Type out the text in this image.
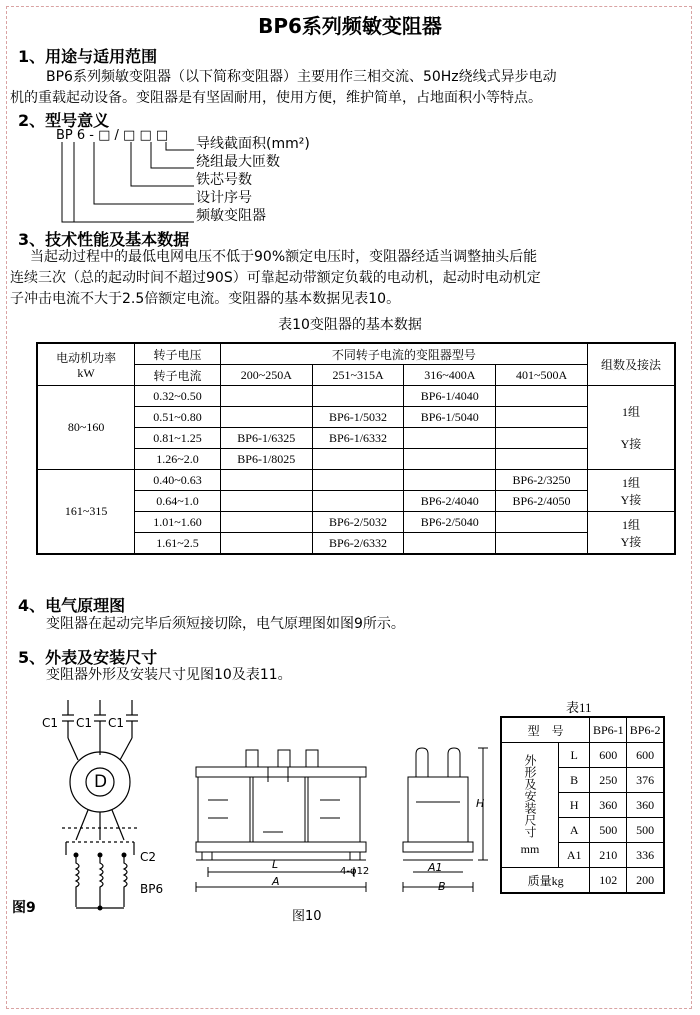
BP6系列频敏变阻器
1、用途与适用范围
BP6系列频敏变阻器（以下简称变阻器）主要用作三相交流、50Hz绕线式异步电动
机的重载起动设备。变阻器是有坚固耐用，使用方便，维护简单，占地面积小等特点。
2、型号意义
BP 6 - □ / □ □ □
导线截面积(mm²)
绕组最大匝数
铁芯号数
设计序号
频敏变阻器
3、技术性能及基本数据
当起动过程中的最低电网电压不低于90%额定电压时，变阻器经适当调整抽头后能
连续三次（总的起动时间不超过90S）可靠起动带额定负载的电动机，起动时电动机定
子冲击电流不大于2.5倍额定电流。变阻器的基本数据见表10。
表10变阻器的基本数据
电动机功率
kW	转子电压	不同转子电流的变阻器型号				组数及接法
	转子电流	200~250A	251~315A	316~400A	401~500A	
80~160	0.32~0.50			BP6-1/4040		1组

Y接
	0.51~0.80		BP6-1/5032	BP6-1/5040		
	0.81~1.25	BP6-1/6325	BP6-1/6332			
	1.26~2.0	BP6-1/8025				
161~315	0.40~0.63				BP6-2/3250	1组
Y接
	0.64~1.0			BP6-2/4040	BP6-2/4050	
	1.01~1.60		BP6-2/5032	BP6-2/5040		1组
Y接
	1.61~2.5		BP6-2/6332			
4、电气原理图
变阻器在起动完毕后须短接切除，电气原理图如图9所示。
5、外表及安装尺寸
变阻器外形及安装尺寸见图10及表11。
C1 C1 C1
D
C2
BP6
图9
H
L
A
4-φ12	A1
B
图10
表11
型　号		BP6-1	BP6-2
外形及安装尺寸
mm	L	600	600
	B	250	376
	H	360	360
	A	500	500
	A1	210	336
质量kg		102	200
